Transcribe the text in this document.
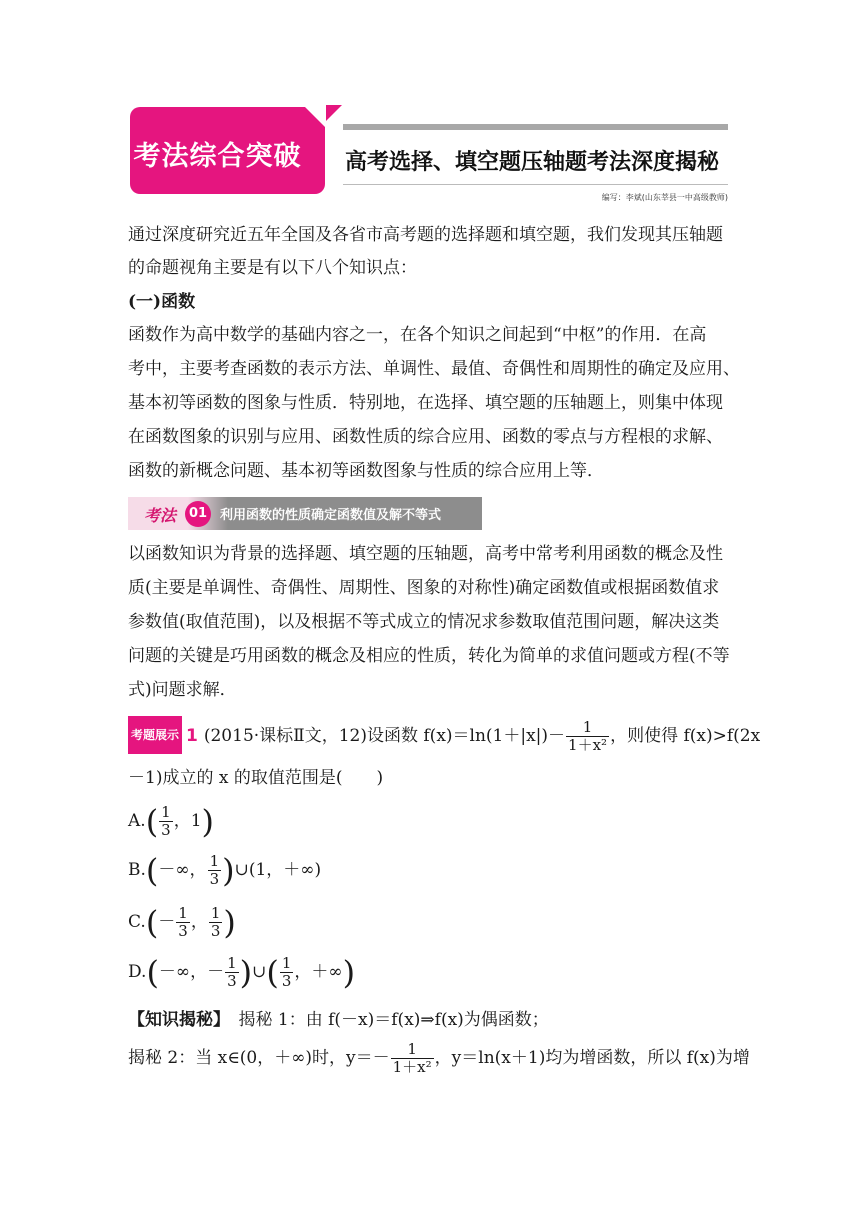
考法综合突破 高考选择、填空题压轴题考法深度揭秘
编写：李斌(山东莘县一中高级教师)
通过深度研究近五年全国及各省市高考题的选择题和填空题，我们发现其压轴题
的命题视角主要是有以下八个知识点：
(一)函数
函数作为高中数学的基础内容之一，在各个知识之间起到“中枢”的作用．在高
考中，主要考查函数的表示方法、单调性、最值、奇偶性和周期性的确定及应用、
基本初等函数的图象与性质．特别地，在选择、填空题的压轴题上，则集中体现
在函数图象的识别与应用、函数性质的综合应用、函数的零点与方程根的求解、
函数的新概念问题、基本初等函数图象与性质的综合应用上等．
考法 01 利用函数的性质确定函数值及解不等式
以函数知识为背景的选择题、填空题的压轴题，高考中常考利用函数的概念及性
质(主要是单调性、奇偶性、周期性、图象的对称性)确定函数值或根据函数值求
参数值(取值范围)，以及根据不等式成立的情况求参数取值范围问题，解决这类
问题的关键是巧用函数的概念及相应的性质，转化为简单的求值问题或方程(不等
式)问题求解．
考题展示 1 (2015·课标Ⅱ文，12)设函数 $f(x)=\ln(1+|x|)- \frac{1}{\text{1＋x²}}$ ，则使得 f(x)>f(2x
－1)成立的 x 的取值范围是(　　)
$A.( \frac{1}{3}$ ，1)
B.(－∞， $\frac{1}{3}$ )∪(1，＋∞)
$C.(- \frac{1}{3}$ ， $\frac{1}{3}$ )
D.(－∞，－ $\frac{1}{3}$ )∪( $\frac{1}{3}$ ，＋∞)
【知识揭秘】　 揭秘 1：由 f(－x)＝f(x)⇒f(x)为偶函数；
揭秘 2：当 x∈(0，＋∞)时，$y=- \frac{1}{\text{1＋x²}}$ ，y＝ln(x＋1)均为增函数，所以 f(x)为增
